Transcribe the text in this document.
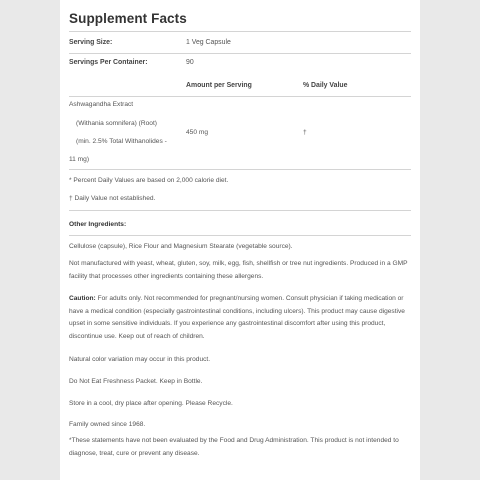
Supplement Facts
Serving Size:	1 Veg Capsule
Servings Per Container:	90
Amount per Serving	% Daily Value
Ashwagandha Extract
(Withania somnifera) (Root)
(min. 2.5% Total Withanolides -
11 mg)
450 mg	†
* Percent Daily Values are based on 2,000 calorie diet.
† Daily Value not established.
Other Ingredients:
Cellulose (capsule), Rice Flour and Magnesium Stearate (vegetable source).
Not manufactured with yeast, wheat, gluten, soy, milk, egg, fish, shellfish or tree nut ingredients. Produced in a GMP facility that processes other ingredients containing these allergens.
Caution: For adults only. Not recommended for pregnant/nursing women. Consult physician if taking medication or have a medical condition (especially gastrointestinal conditions, including ulcers). This product may cause digestive upset in some sensitive individuals. If you experience any gastrointestinal discomfort after using this product, discontinue use. Keep out of reach of children.
Natural color variation may occur in this product.
Do Not Eat Freshness Packet. Keep in Bottle.
Store in a cool, dry place after opening. Please Recycle.
Family owned since 1968.
*These statements have not been evaluated by the Food and Drug Administration. This product is not intended to diagnose, treat, cure or prevent any disease.
